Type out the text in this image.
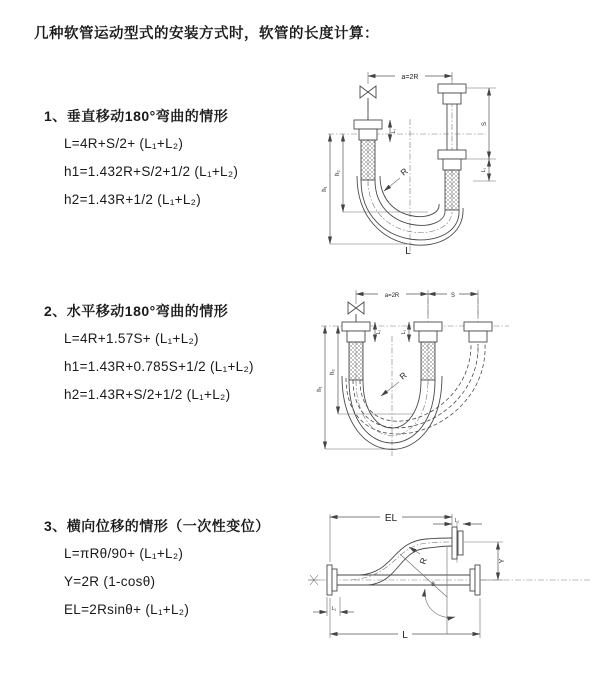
几种软管运动型式的安装方式时，软管的长度计算：
1、垂直移动180°弯曲的情形
L=4R+S/2+ (L₁+L₂)
h1=1.432R+S/2+1/2 (L₁+L₂)
h2=1.43R+1/2 (L₁+L₂)
2、水平移动180°弯曲的情形
L=4R+1.57S+ (L₁+L₂)
h1=1.43R+0.785S+1/2 (L₁+L₂)
h2=1.43R+S/2+1/2 (L₁+L₂)
3、横向位移的情形（一次性变位）
L=πRθ/90+ (L₁+L₂)
Y=2R (1-cosθ)
EL=2Rsinθ+ (L₁+L₂)
a=2R
h₁
h₂
S
L₁
L₁
R
L
a=2R	S
h₁
h₂
L₁	L₁
R
EL	L₁
Y
θ
R
L₁
L
